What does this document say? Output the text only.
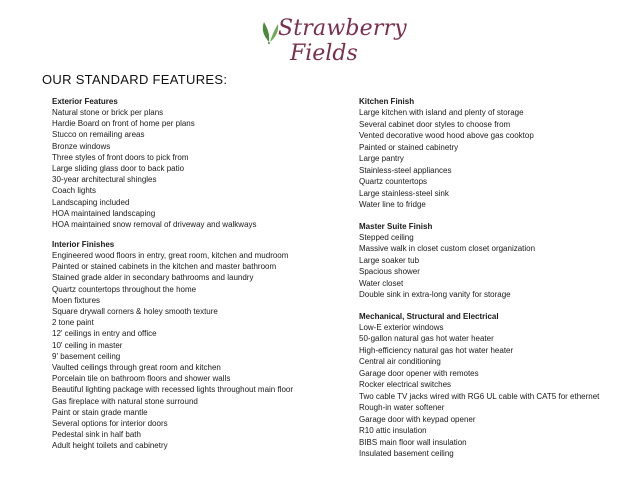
Strawberry
Fields
OUR STANDARD FEATURES:
Exterior Features
Natural stone or brick per plans
Hardie Board on front of home per plans
Stucco on remailing areas
Bronze windows
Three styles of front doors to pick from
Large sliding glass door to back patio
30-year architectural shingles
Coach lights
Landscaping included
HOA maintained landscaping
HOA maintained snow removal of driveway and walkways
Interior Finishes
Engineered wood floors in entry, great room, kitchen and mudroom
Painted or stained cabinets in the kitchen and master bathroom
Stained grade alder in secondary bathrooms and laundry
Quartz countertops throughout the home
Moen fixtures
Square drywall corners & holey smooth texture
2 tone paint
12' ceilings in entry and office
10' ceiling in master
9' basement ceiling
Vaulted ceilings through great room and kitchen
Porcelain tile on bathroom floors and shower walls
Beautiful lighting package with recessed lights throughout main floor
Gas fireplace with natural stone surround
Paint or stain grade mantle
Several options for interior doors
Pedestal sink in half bath
Adult height toilets and cabinetry
Kitchen Finish
Large kitchen with island and plenty of storage
Several cabinet door styles to choose from
Vented decorative wood hood above gas cooktop
Painted or stained cabinetry
Large pantry
Stainless-steel appliances
Quartz countertops
Large stainless-steel sink
Water line to fridge
Master Suite Finish
Stepped ceiling
Massive walk in closet custom closet organization
Large soaker tub
Spacious shower
Water closet
Double sink in extra-long vanity for storage
Mechanical, Structural and Electrical
Low-E exterior windows
50-gallon natural gas hot water heater
High-efficiency natural gas hot water heater
Central air conditioning
Garage door opener with remotes
Rocker electrical switches
Two cable TV jacks wired with RG6 UL cable with CAT5 for ethernet
Rough-in water softener
Garage door with keypad opener
R10 attic insulation
BIBS main floor wall insulation
Insulated basement ceiling
